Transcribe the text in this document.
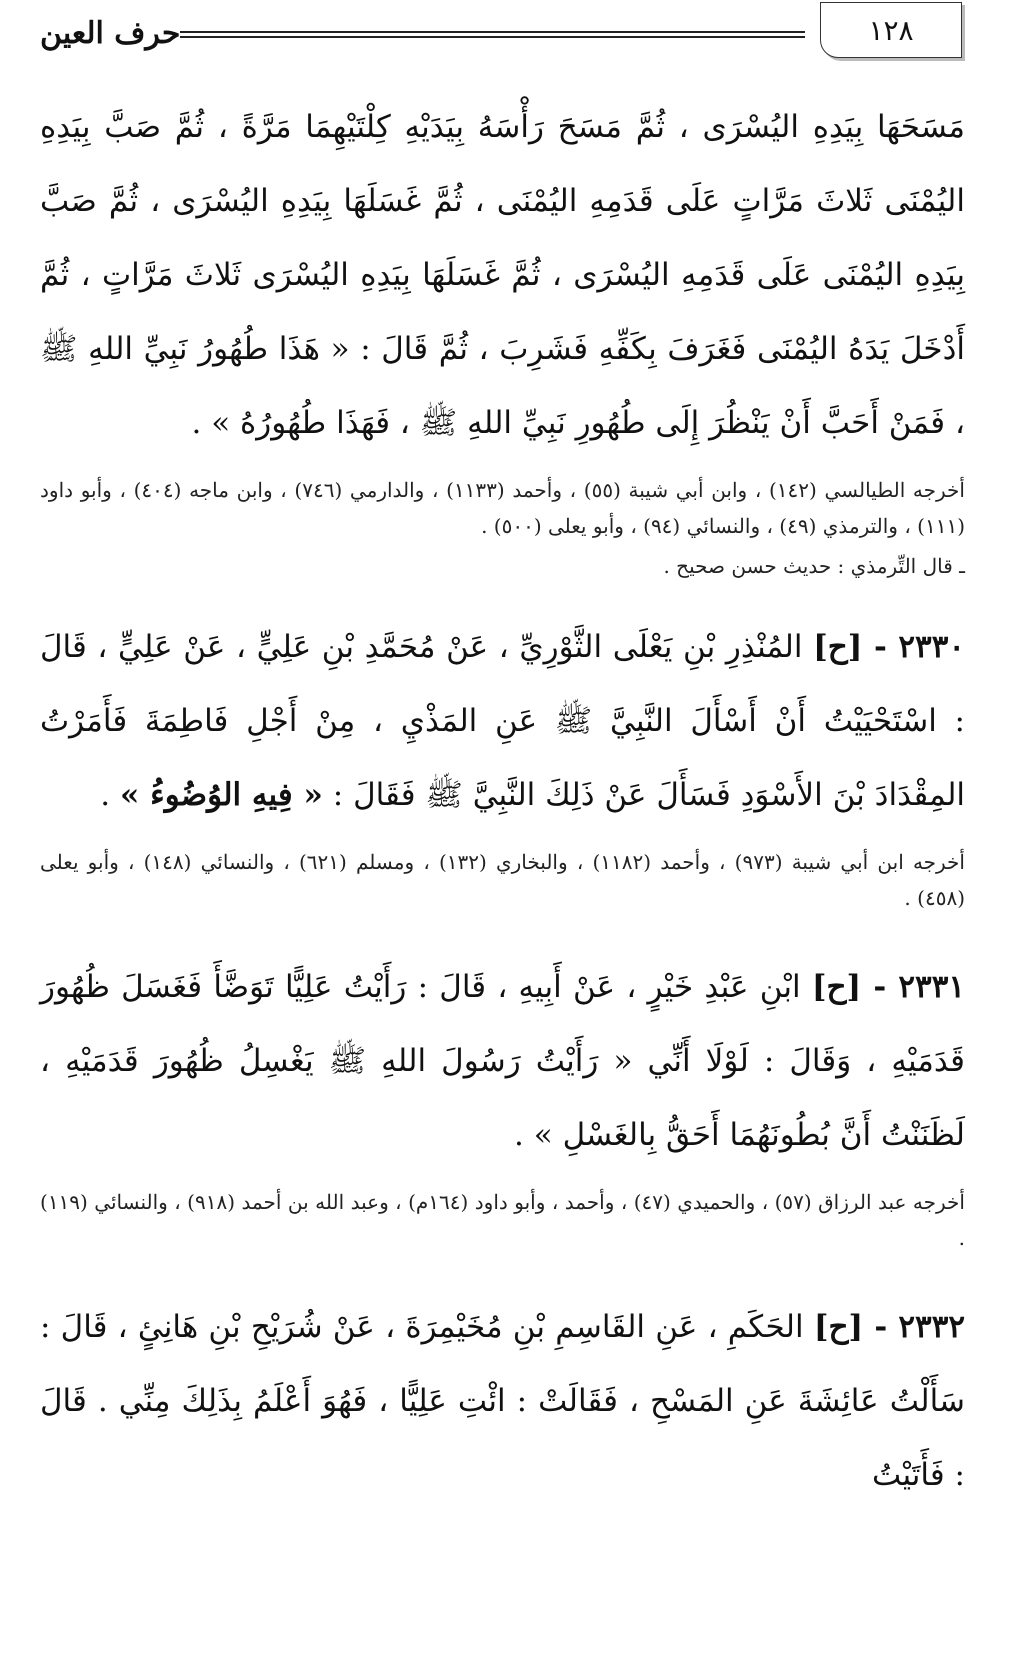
١٢٨
حرف العين

مَسَحَهَا بِيَدِهِ اليُسْرَى ، ثُمَّ مَسَحَ رَأْسَهُ بِيَدَيْهِ كِلْتَيْهِمَا مَرَّةً ، ثُمَّ صَبَّ بِيَدِهِ اليُمْنَى ثَلاثَ مَرَّاتٍ عَلَى قَدَمِهِ اليُمْنَى ، ثُمَّ غَسَلَهَا بِيَدِهِ اليُسْرَى ، ثُمَّ صَبَّ بِيَدِهِ اليُمْنَى عَلَى قَدَمِهِ اليُسْرَى ، ثُمَّ غَسَلَهَا بِيَدِهِ اليُسْرَى ثَلاثَ مَرَّاتٍ ، ثُمَّ أَدْخَلَ يَدَهُ اليُمْنَى فَغَرَفَ بِكَفِّهِ فَشَرِبَ ، ثُمَّ قَالَ : « هَذَا طُهُورُ نَبِيِّ اللهِ ﷺ ، فَمَنْ أَحَبَّ أَنْ يَنْظُرَ إِلَى طُهُورِ نَبِيِّ اللهِ ﷺ ، فَهَذَا طُهُورُهُ » .

أخرجه الطيالسي (١٤٢) ، وابن أبي شيبة (٥٥) ، وأحمد (١١٣٣) ، والدارمي (٧٤٦) ، وابن ماجه (٤٠٤) ، وأبو داود (١١١) ، والترمذي (٤٩) ، والنسائي (٩٤) ، وأبو يعلى (٥٠٠) .

ـ قال التِّرمذي : حديث حسن صحيح .

٢٣٣٠ - [ح] المُنْذِرِ بْنِ يَعْلَى الثَّوْرِيِّ ، عَنْ مُحَمَّدِ بْنِ عَلِيٍّ ، عَنْ عَلِيٍّ ، قَالَ : اسْتَحْيَيْتُ أَنْ أَسْأَلَ النَّبِيَّ ﷺ عَنِ المَذْيِ ، مِنْ أَجْلِ فَاطِمَةَ فَأَمَرْتُ المِقْدَادَ بْنَ الأَسْوَدِ فَسَأَلَ عَنْ ذَلِكَ النَّبِيَّ ﷺ فَقَالَ : « فِيهِ الوُضُوءُ » .

أخرجه ابن أبي شيبة (٩٧٣) ، وأحمد (١١٨٢) ، والبخاري (١٣٢) ، ومسلم (٦٢١) ، والنسائي (١٤٨) ، وأبو يعلى (٤٥٨) .

٢٣٣١ - [ح] ابْنِ عَبْدِ خَيْرٍ ، عَنْ أَبِيهِ ، قَالَ : رَأَيْتُ عَلِيًّا تَوَضَّأَ فَغَسَلَ ظُهُورَ قَدَمَيْهِ ، وَقَالَ : لَوْلَا أَنِّي « رَأَيْتُ رَسُولَ اللهِ ﷺ يَغْسِلُ ظُهُورَ قَدَمَيْهِ ، لَظَنَنْتُ أَنَّ بُطُونَهُمَا أَحَقُّ بِالغَسْلِ » .

أخرجه عبد الرزاق (٥٧) ، والحميدي (٤٧) ، وأحمد ، وأبو داود (١٦٤م) ، وعبد الله بن أحمد (٩١٨) ، والنسائي (١١٩) .

٢٣٣٢ - [ح] الحَكَمِ ، عَنِ القَاسِمِ بْنِ مُخَيْمِرَةَ ، عَنْ شُرَيْحِ بْنِ هَانِئٍ ، قَالَ : سَأَلْتُ عَائِشَةَ عَنِ المَسْحِ ، فَقَالَتْ : ائْتِ عَلِيًّا ، فَهُوَ أَعْلَمُ بِذَلِكَ مِنِّي . قَالَ : فَأَتَيْتُ
